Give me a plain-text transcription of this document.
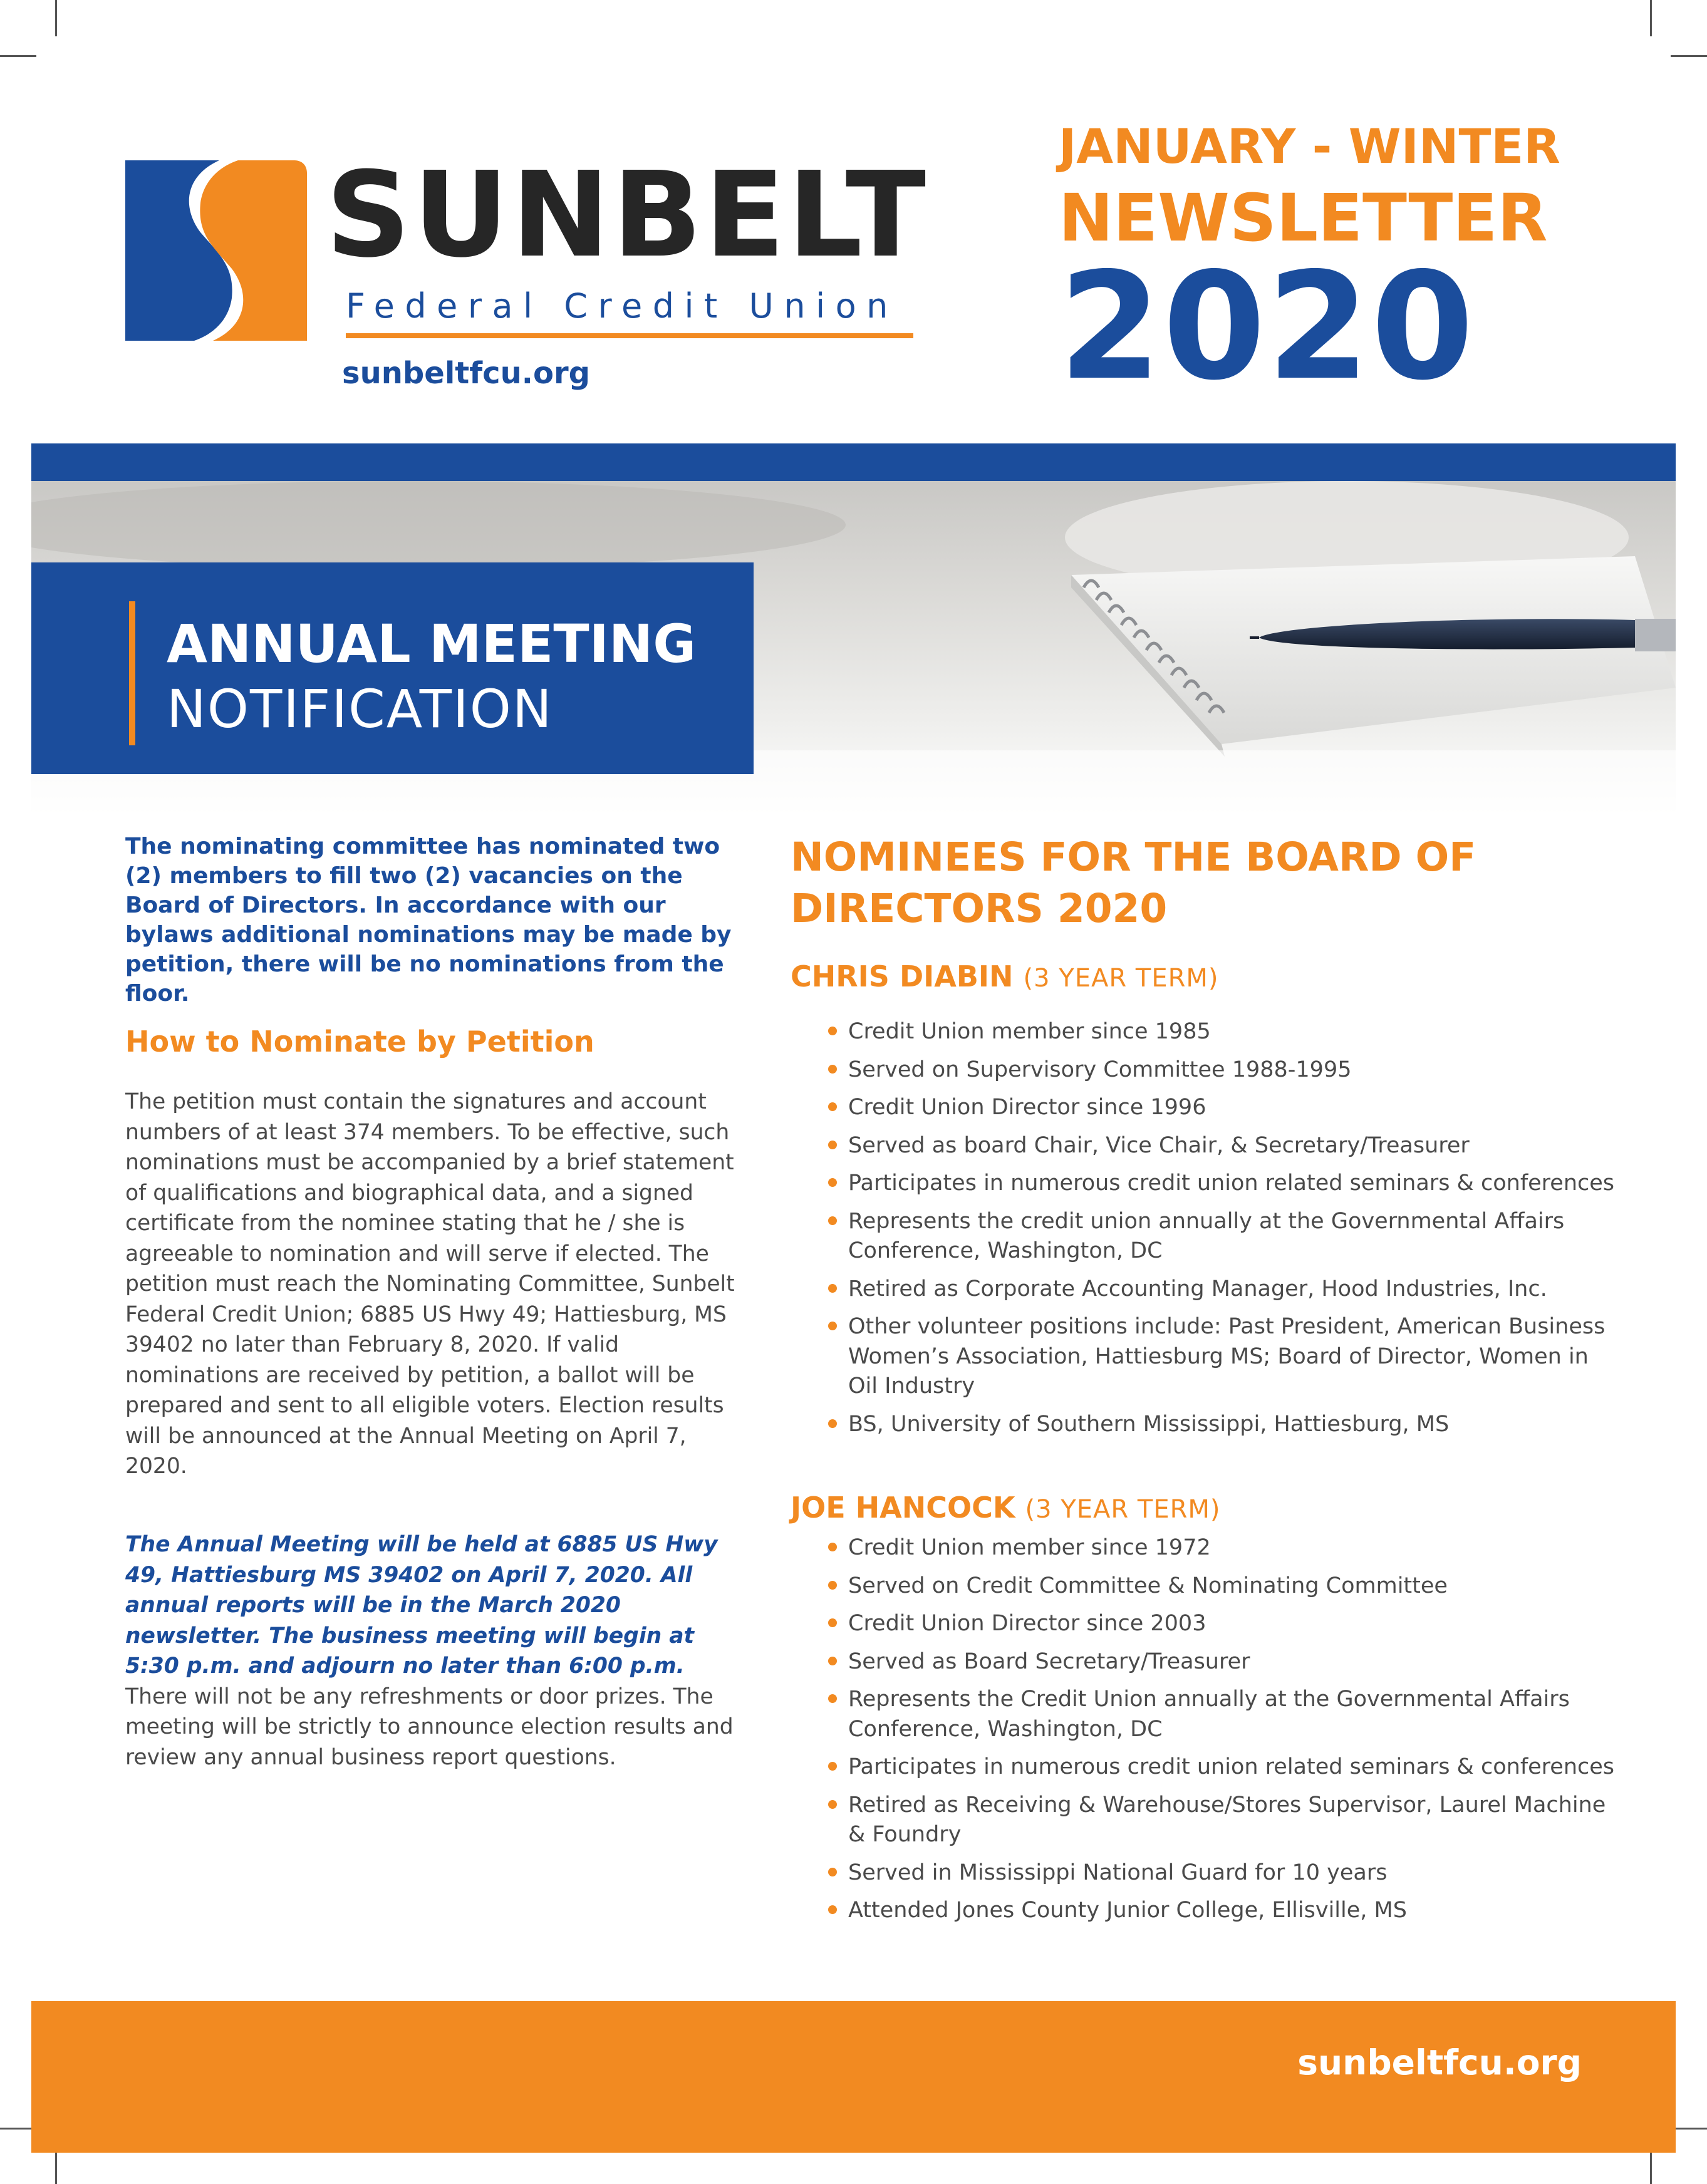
SUNBELT
Federal Credit Union
sunbeltfcu.org
JANUARY - WINTER
NEWSLETTER
2020
ANNUAL MEETING
NOTIFICATION
The nominating committee has nominated two (2) members to fill two (2) vacancies on the Board of Directors. In accordance with our bylaws additional nominations may be made by petition, there will be no nominations from the floor.
How to Nominate by Petition
The petition must contain the signatures and account numbers of at least 374 members. To be effective, such nominations must be accompanied by a brief statement of qualifications and biographical data, and a signed certificate from the nominee stating that he / she is agreeable to nomination and will serve if elected. The petition must reach the Nominating Committee, Sunbelt Federal Credit Union; 6885 US Hwy 49; Hattiesburg, MS 39402 no later than February 8, 2020. If valid nominations are received by petition, a ballot will be prepared and sent to all eligible voters. Election results will be announced at the Annual Meeting on April 7, 2020.
The Annual Meeting will be held at 6885 US Hwy 49, Hattiesburg MS 39402 on April 7, 2020. All annual reports will be in the March 2020 newsletter. The business meeting will begin at 5:30 p.m. and adjourn no later than 6:00 p.m. There will not be any refreshments or door prizes. The meeting will be strictly to announce election results and review any annual business report questions.
NOMINEES FOR THE BOARD OF DIRECTORS 2020
CHRIS DIABIN (3 YEAR TERM)
Credit Union member since 1985
Served on Supervisory Committee 1988-1995
Credit Union Director since 1996
Served as board Chair, Vice Chair, & Secretary/Treasurer
Participates in numerous credit union related seminars & conferences
Represents the credit union annually at the Governmental Affairs Conference, Washington, DC
Retired as Corporate Accounting Manager, Hood Industries, Inc.
Other volunteer positions include: Past President, American Business Women’s Association, Hattiesburg MS; Board of Director, Women in Oil Industry
BS, University of Southern Mississippi, Hattiesburg, MS
JOE HANCOCK (3 YEAR TERM)
Credit Union member since 1972
Served on Credit Committee & Nominating Committee
Credit Union Director since 2003
Served as Board Secretary/Treasurer
Represents the Credit Union annually at the Governmental Affairs Conference, Washington, DC
Participates in numerous credit union related seminars & conferences
Retired as Receiving & Warehouse/Stores Supervisor, Laurel Machine & Foundry
Served in Mississippi National Guard for 10 years
Attended Jones County Junior College, Ellisville, MS
sunbeltfcu.org
